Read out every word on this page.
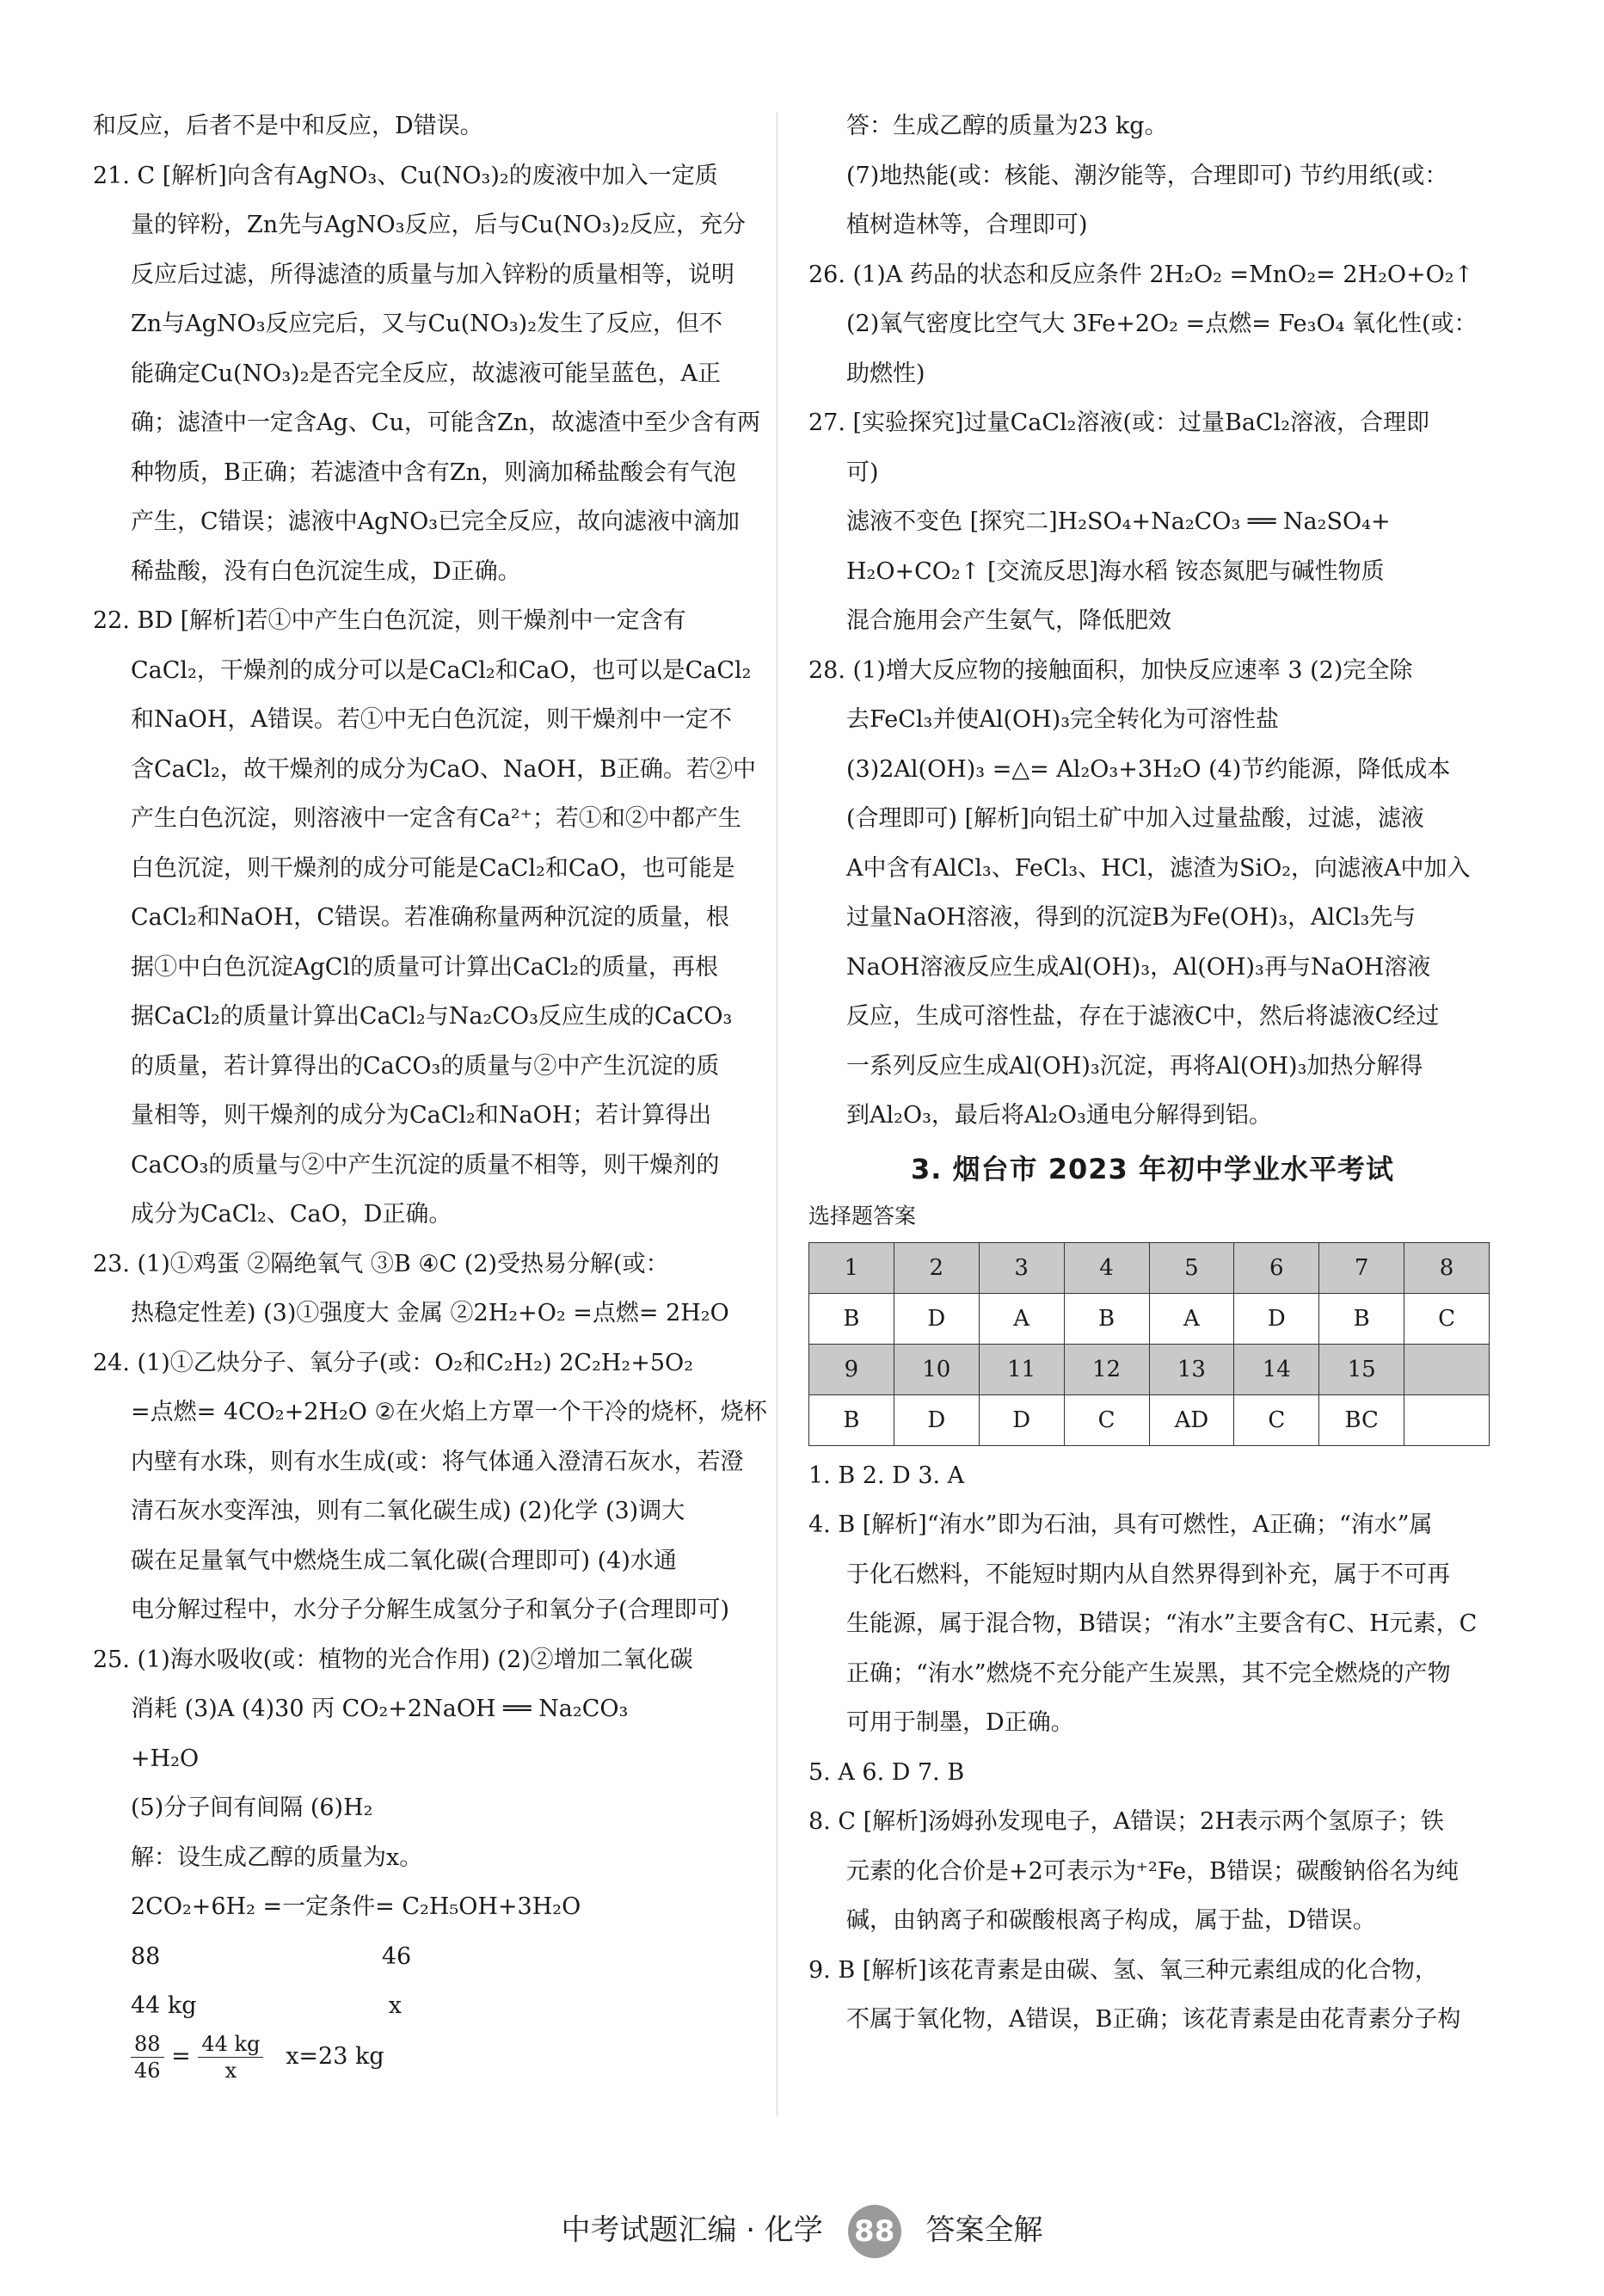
和反应，后者不是中和反应，D错误。

21. C [解析]向含有AgNO₃、Cu(NO₃)₂的废液中加入一定质

量的锌粉，Zn先与AgNO₃反应，后与Cu(NO₃)₂反应，充分

反应后过滤，所得滤渣的质量与加入锌粉的质量相等，说明

Zn与AgNO₃反应完后，又与Cu(NO₃)₂发生了反应，但不

能确定Cu(NO₃)₂是否完全反应，故滤液可能呈蓝色，A正

确；滤渣中一定含Ag、Cu，可能含Zn，故滤渣中至少含有两

种物质，B正确；若滤渣中含有Zn，则滴加稀盐酸会有气泡

产生，C错误；滤液中AgNO₃已完全反应，故向滤液中滴加

稀盐酸，没有白色沉淀生成，D正确。

22. BD [解析]若①中产生白色沉淀，则干燥剂中一定含有

CaCl₂，干燥剂的成分可以是CaCl₂和CaO，也可以是CaCl₂

和NaOH，A错误。若①中无白色沉淀，则干燥剂中一定不

含CaCl₂，故干燥剂的成分为CaO、NaOH，B正确。若②中

产生白色沉淀，则溶液中一定含有Ca²⁺；若①和②中都产生

白色沉淀，则干燥剂的成分可能是CaCl₂和CaO，也可能是

CaCl₂和NaOH，C错误。若准确称量两种沉淀的质量，根

据①中白色沉淀AgCl的质量可计算出CaCl₂的质量，再根

据CaCl₂的质量计算出CaCl₂与Na₂CO₃反应生成的CaCO₃

的质量，若计算得出的CaCO₃的质量与②中产生沉淀的质

量相等，则干燥剂的成分为CaCl₂和NaOH；若计算得出

CaCO₃的质量与②中产生沉淀的质量不相等，则干燥剂的

成分为CaCl₂、CaO，D正确。

23. (1)①鸡蛋 ②隔绝氧气 ③B ④C (2)受热易分解(或：

热稳定性差) (3)①强度大 金属 ②2H₂+O₂ =点燃= 2H₂O

24. (1)①乙炔分子、氧分子(或：O₂和C₂H₂) 2C₂H₂+5O₂

=点燃= 4CO₂+2H₂O ②在火焰上方罩一个干冷的烧杯，烧杯

内壁有水珠，则有水生成(或：将气体通入澄清石灰水，若澄

清石灰水变浑浊，则有二氧化碳生成) (2)化学 (3)调大

碳在足量氧气中燃烧生成二氧化碳(合理即可) (4)水通

电分解过程中，水分子分解生成氢分子和氧分子(合理即可)

25. (1)海水吸收(或：植物的光合作用) (2)②增加二氧化碳

消耗 (3)A (4)30 丙 CO₂+2NaOH ══ Na₂CO₃

+H₂O

(5)分子间有间隔 (6)H₂

解：设生成乙醇的质量为x。

2CO₂+6H₂ =一定条件= C₂H₅OH+3H₂O

88                              46

44 kg                          x

$\frac{88}{46} = \frac{44 kg}{x} x=23$ kg

答：生成乙醇的质量为23 kg。

(7)地热能(或：核能、潮汐能等，合理即可) 节约用纸(或：

植树造林等，合理即可)

26. (1)A 药品的状态和反应条件 2H₂O₂ =MnO₂= 2H₂O+O₂↑

(2)氧气密度比空气大 3Fe+2O₂ =点燃= Fe₃O₄ 氧化性(或：

助燃性)

27. [实验探究]过量CaCl₂溶液(或：过量BaCl₂溶液，合理即

可)

滤液不变色 [探究二]H₂SO₄+Na₂CO₃ ══ Na₂SO₄+

H₂O+CO₂↑ [交流反思]海水稻 铵态氮肥与碱性物质

混合施用会产生氨气，降低肥效

28. (1)增大反应物的接触面积，加快反应速率 3 (2)完全除

去FeCl₃并使Al(OH)₃完全转化为可溶性盐

(3)2Al(OH)₃ =△= Al₂O₃+3H₂O (4)节约能源，降低成本

(合理即可) [解析]向铝土矿中加入过量盐酸，过滤，滤液

A中含有AlCl₃、FeCl₃、HCl，滤渣为SiO₂，向滤液A中加入

过量NaOH溶液，得到的沉淀B为Fe(OH)₃，AlCl₃先与

NaOH溶液反应生成Al(OH)₃，Al(OH)₃再与NaOH溶液

反应，生成可溶性盐，存在于滤液C中，然后将滤液C经过

一系列反应生成Al(OH)₃沉淀，再将Al(OH)₃加热分解得

到Al₂O₃，最后将Al₂O₃通电分解得到铝。

3. 烟台市 2023 年初中学业水平考试
选择题答案
1	2	3	4	5	6	7	8
B	D	A	B	A	D	B	C
9	10	11	12	13	14	15	
B	D	D	C	AD	C	BC	

1. B 2. D 3. A

4. B [解析]“洧水”即为石油，具有可燃性，A正确；“洧水”属

于化石燃料，不能短时期内从自然界得到补充，属于不可再

生能源，属于混合物，B错误；“洧水”主要含有C、H元素，C

正确；“洧水”燃烧不充分能产生炭黑，其不完全燃烧的产物

可用于制墨，D正确。

5. A 6. D 7. B

8. C [解析]汤姆孙发现电子，A错误；2H表示两个氢原子；铁

元素的化合价是+2可表示为⁺²Fe，B错误；碳酸钠俗名为纯

碱，由钠离子和碳酸根离子构成，属于盐，D错误。

9. B [解析]该花青素是由碳、氢、氧三种元素组成的化合物，

不属于氧化物，A错误，B正确；该花青素是由花青素分子构

中考试题汇编 · 化学 88 答案全解
